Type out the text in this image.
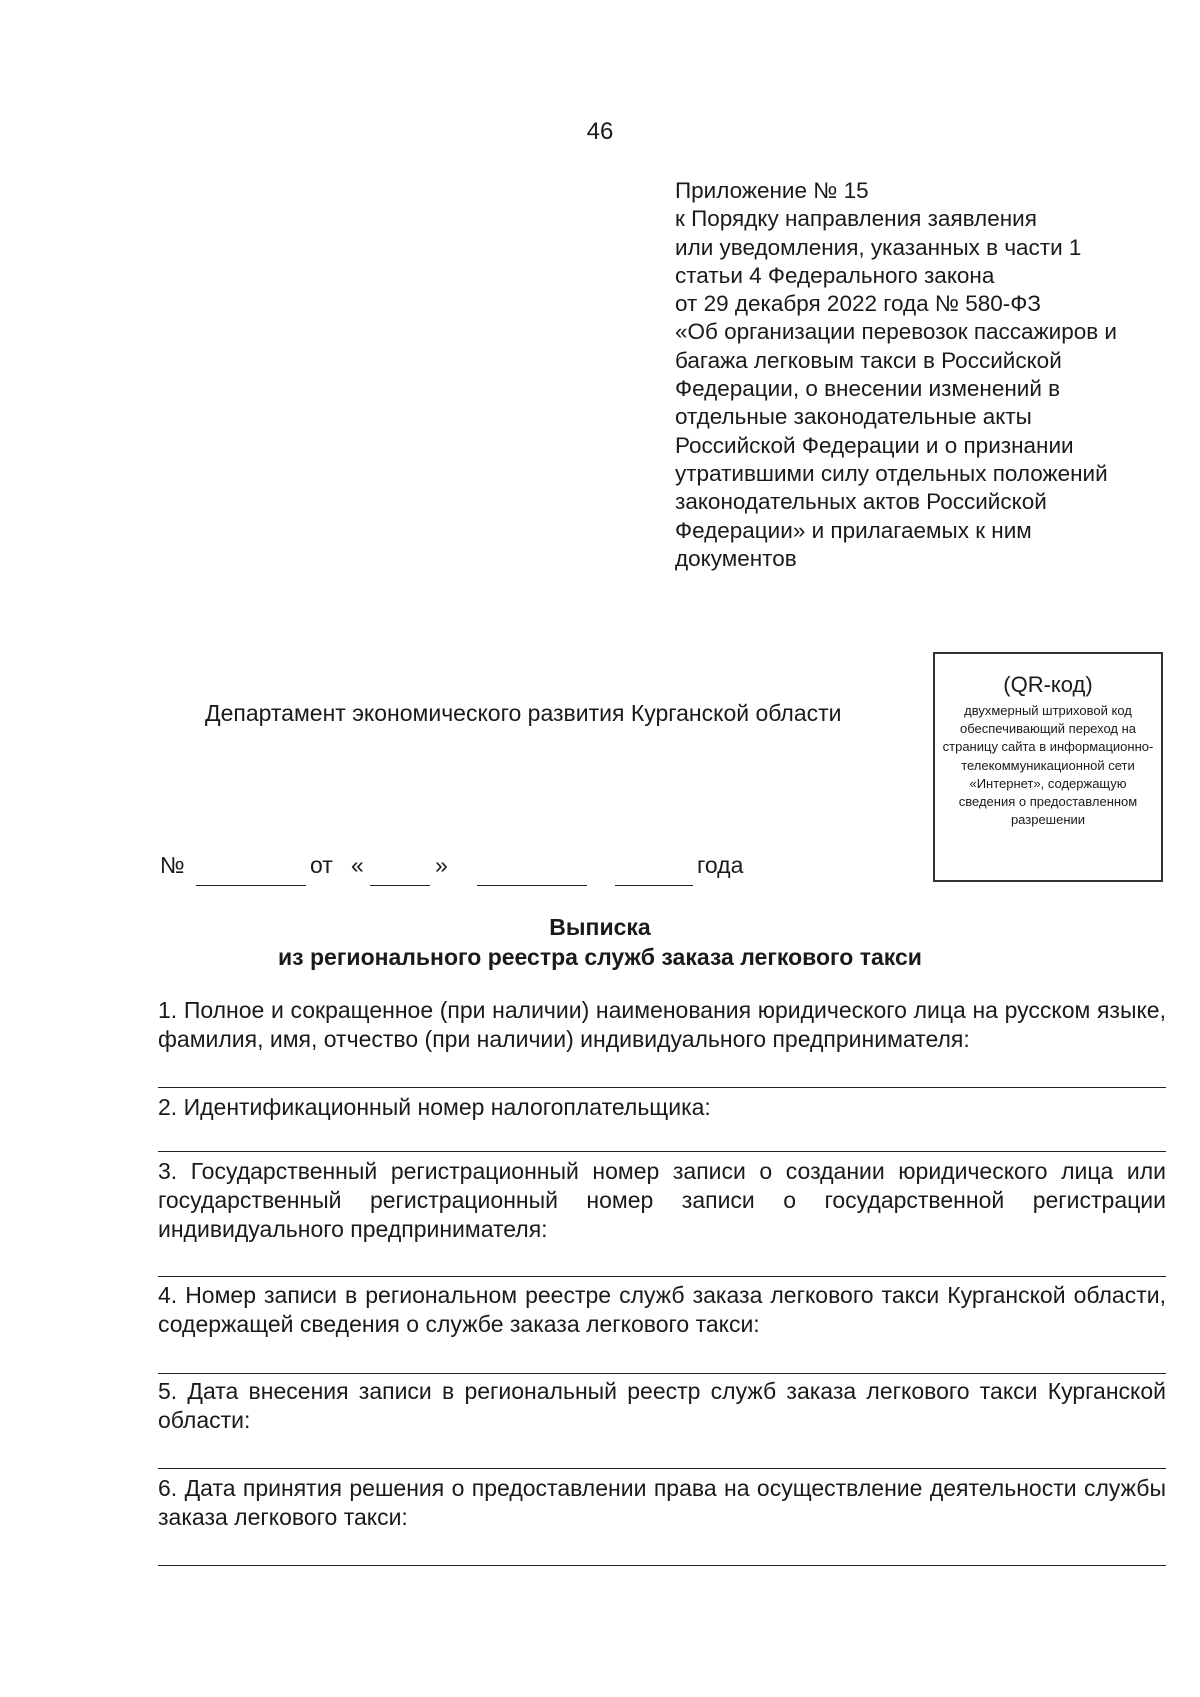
46
Приложение № 15
к Порядку направления заявления
или уведомления, указанных в части 1
статьи 4 Федерального закона
от 29 декабря 2022 года № 580-ФЗ
«Об организации перевозок пассажиров и
багажа легковым такси в Российской
Федерации, о внесении изменений в
отдельные законодательные акты
Российской Федерации и о признании
утратившими силу отдельных положений
законодательных актов Российской
Федерации» и прилагаемых к ним
документов
Департамент экономического развития Курганской области
(QR-код)
двухмерный штриховой код обеспечивающий переход на страницу сайта в информационно-телекоммуникационной сети «Интернет», содержащую сведения о предоставленном разрешении
№	от «	»	года
Выписка
из регионального реестра служб заказа легкового такси
1. Полное и сокращенное (при наличии) наименования юридического лица на русском языке, фамилия, имя, отчество (при наличии) индивидуального предпринимателя:
2. Идентификационный номер налогоплательщика:
3. Государственный регистрационный номер записи о создании юридического лица или государственный регистрационный номер записи о государственной регистрации индивидуального предпринимателя:
4. Номер записи в региональном реестре служб заказа легкового такси Курганской области, содержащей сведения о службе заказа легкового такси:
5. Дата внесения записи в региональный реестр служб заказа легкового такси Курганской области:
6. Дата принятия решения о предоставлении права на осуществление деятельности службы заказа легкового такси:
